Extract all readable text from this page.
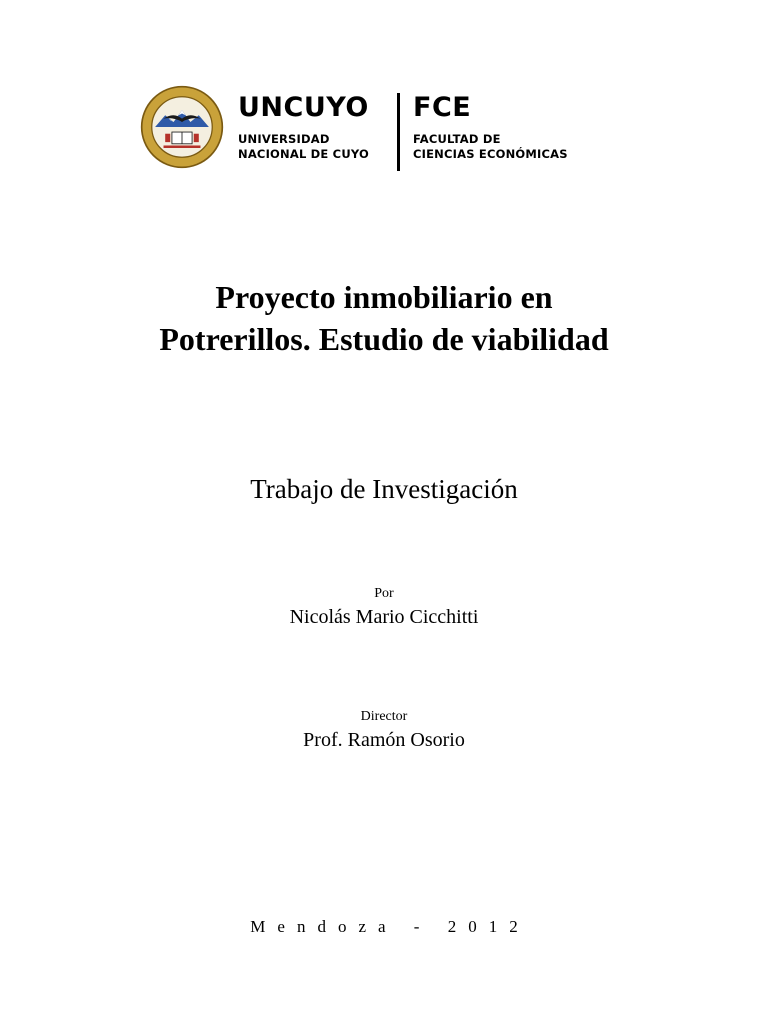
UNCUYO
UNIVERSIDAD
NACIONAL DE CUYO
FCE
FACULTAD DE
CIENCIAS ECONÓMICAS
Proyecto inmobiliario en
Potrerillos. Estudio de viabilidad
Trabajo de Investigación
Por
Nicolás Mario Cicchitti
Director
Prof. Ramón Osorio
Mendoza - 2012
